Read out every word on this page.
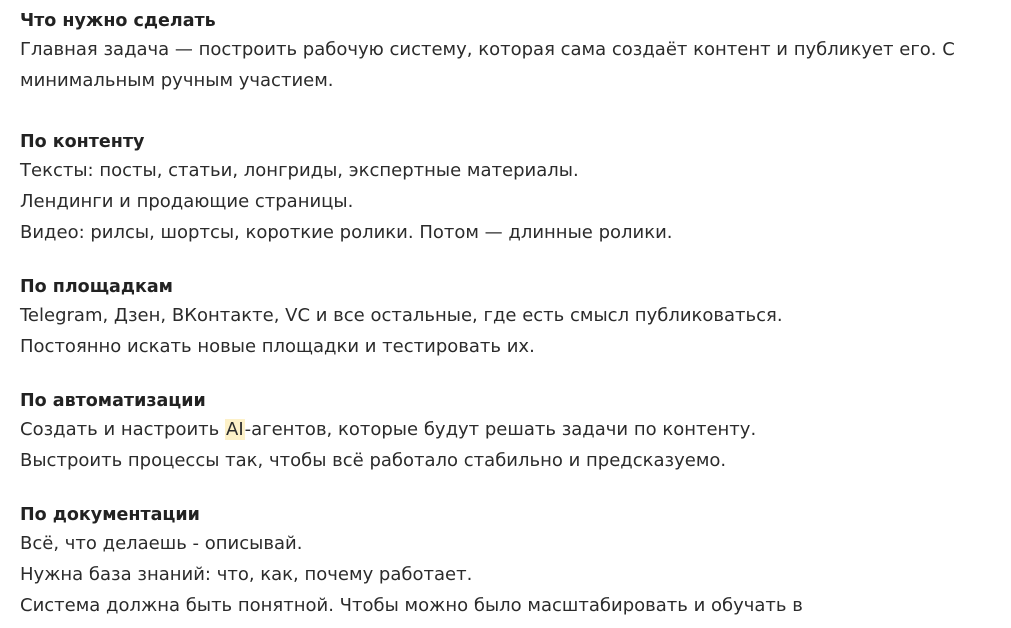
Что нужно сделать

Главная задача — построить рабочую систему, которая сама создаёт контент и публикует его. С минимальным ручным участием.

По контенту

Тексты: посты, статьи, лонгриды, экспертные материалы.

Лендинги и продающие страницы.

Видео: рилсы, шортсы, короткие ролики. Потом — длинные ролики.

По площадкам

Telegram, Дзен, ВКонтакте, VC и все остальные, где есть смысл публиковаться.

Постоянно искать новые площадки и тестировать их.

По автоматизации

Создать и настроить AI-агентов, которые будут решать задачи по контенту.

Выстроить процессы так, чтобы всё работало стабильно и предсказуемо.

По документации

Всё, что делаешь - описывай.

Нужна база знаний: что, как, почему работает.

Система должна быть понятной. Чтобы можно было масштабировать и обучать в
